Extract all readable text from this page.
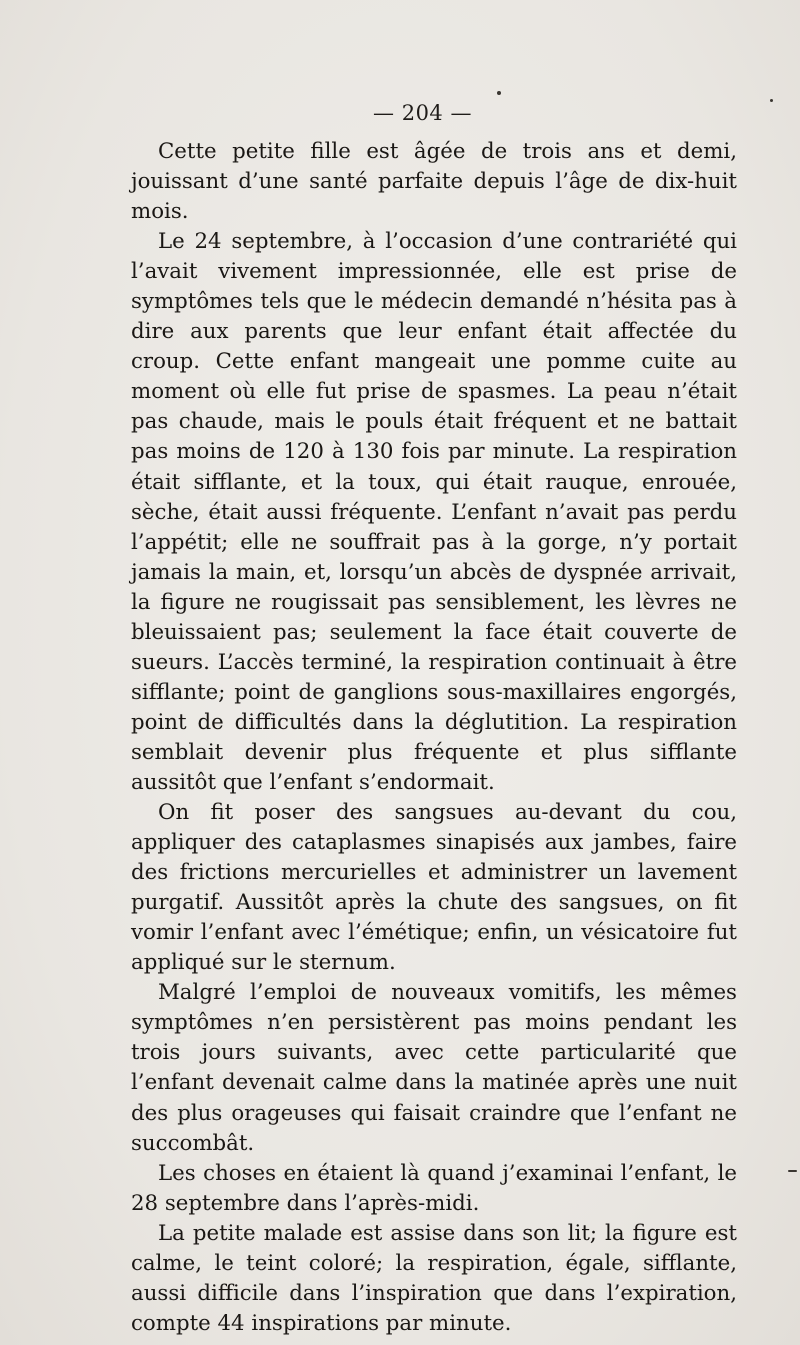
— 204 —

Cette petite fille est âgée de trois ans et demi, jouissant d’une santé parfaite depuis l’âge de dix-huit mois.

Le 24 septembre, à l’occasion d’une contrariété qui l’avait vivement impressionnée, elle est prise de symptômes tels que le médecin demandé n’hésita pas à dire aux parents que leur enfant était affectée du croup. Cette enfant mangeait une pomme cuite au moment où elle fut prise de spasmes. La peau n’était pas chaude, mais le pouls était fréquent et ne battait pas moins de 120 à 130 fois par minute. La respiration était sifflante, et la toux, qui était rauque, enrouée, sèche, était aussi fréquente. L’enfant n’avait pas perdu l’appétit; elle ne souffrait pas à la gorge, n’y portait jamais la main, et, lorsqu’un abcès de dyspnée arrivait, la figure ne rougissait pas sensiblement, les lèvres ne bleuissaient pas; seulement la face était couverte de sueurs. L’accès terminé, la respiration continuait à être sifflante; point de ganglions sous-maxillaires engorgés, point de difficultés dans la déglutition. La respiration semblait devenir plus fréquente et plus sifflante aussitôt que l’enfant s’endormait.

On fit poser des sangsues au-devant du cou, appliquer des cataplasmes sinapisés aux jambes, faire des frictions mercurielles et administrer un lavement purgatif. Aussitôt après la chute des sangsues, on fit vomir l’enfant avec l’émétique; enfin, un vésicatoire fut appliqué sur le sternum.

Malgré l’emploi de nouveaux vomitifs, les mêmes symptômes n’en persistèrent pas moins pendant les trois jours suivants, avec cette particularité que l’enfant devenait calme dans la matinée après une nuit des plus orageuses qui faisait craindre que l’enfant ne succombât.

Les choses en étaient là quand j’examinai l’enfant, le 28 septembre dans l’après-midi.

La petite malade est assise dans son lit; la figure est calme, le teint coloré; la respiration, égale, sifflante, aussi difficile dans l’inspiration que dans l’expiration, compte 44 inspirations par minute.
